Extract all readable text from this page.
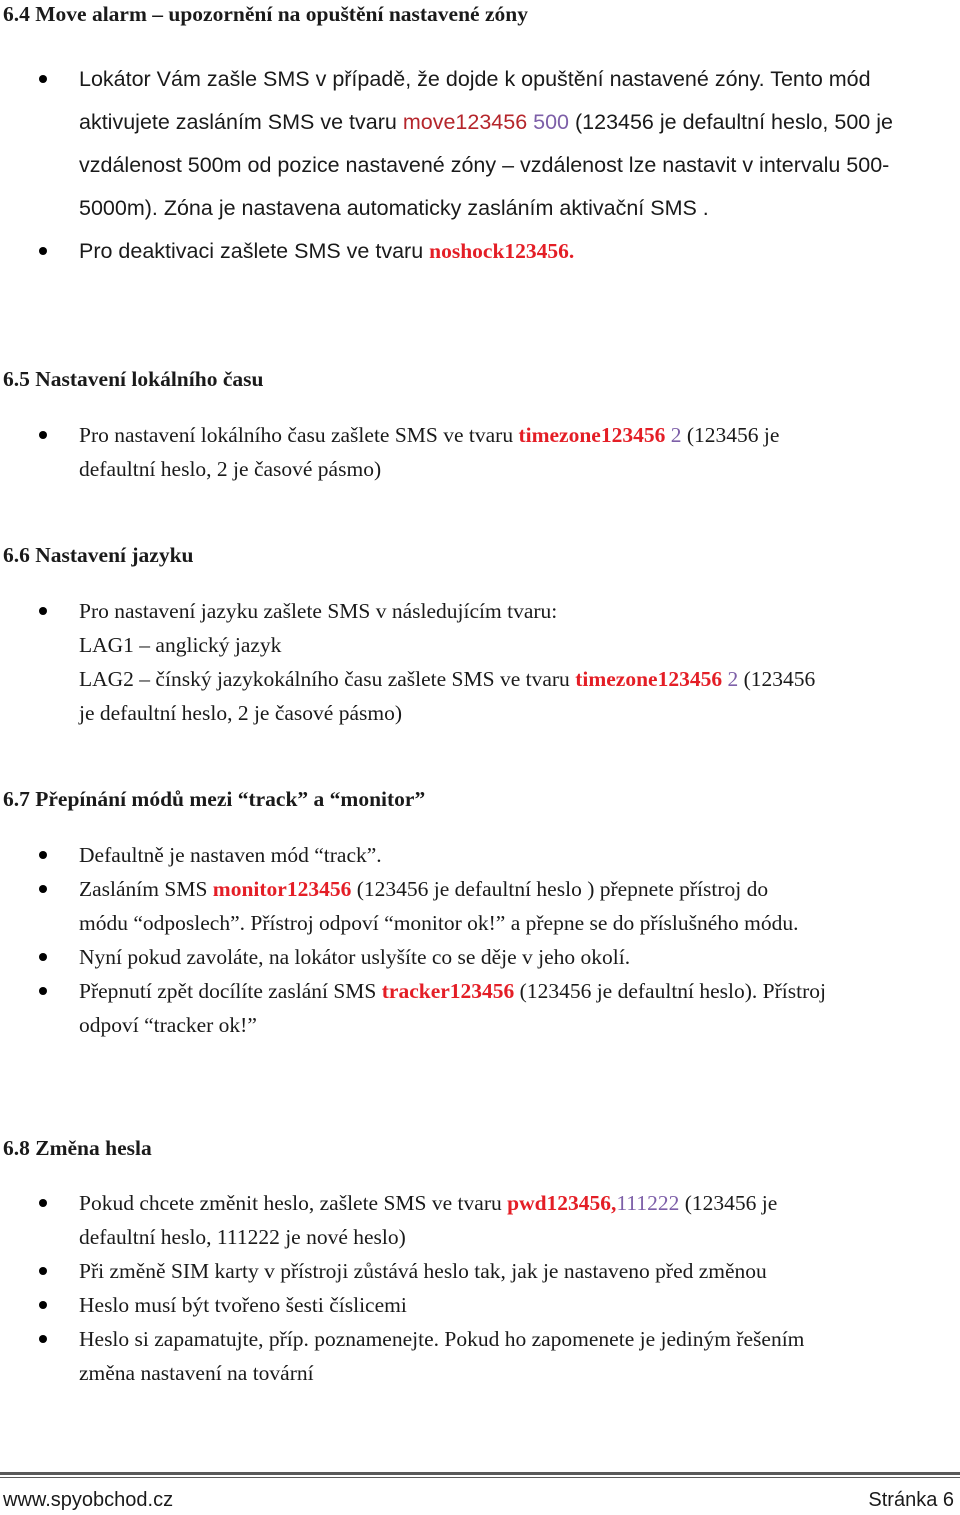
6.4 Move alarm – upozornění na opuštění nastavené zóny
Lokátor Vám zašle SMS v případě, že dojde k opuštění nastavené zóny. Tento mód
aktivujete zasláním SMS ve tvaru move123456 500 (123456 je defaultní heslo, 500 je
vzdálenost 500m od pozice nastavené zóny – vzdálenost lze nastavit v intervalu 500-
5000m). Zóna je nastavena automaticky zasláním aktivační SMS .
Pro deaktivaci zašlete SMS ve tvaru noshock123456.
6.5 Nastavení lokálního času
Pro nastavení lokálního času zašlete SMS ve tvaru timezone123456 2 (123456 je
defaultní heslo, 2 je časové pásmo)
6.6 Nastavení jazyku
Pro nastavení jazyku zašlete SMS v následujícím tvaru:
LAG1 – anglický jazyk
LAG2 – čínský jazykokálního času zašlete SMS ve tvaru timezone123456 2 (123456
je defaultní heslo, 2 je časové pásmo)
6.7 Přepínání módů mezi “track” a “monitor”
Defaultně je nastaven mód “track”.
Zasláním SMS monitor123456 (123456 je defaultní heslo ) přepnete přístroj do
módu “odposlech”. Přístroj odpoví “monitor ok!” a přepne se do příslušného módu.
Nyní pokud zavoláte, na lokátor uslyšíte co se děje v jeho okolí.
Přepnutí zpět docílíte zaslání SMS tracker123456 (123456 je defaultní heslo). Přístroj
odpoví “tracker ok!”
6.8 Změna hesla
Pokud chcete změnit heslo, zašlete SMS ve tvaru pwd123456,111222 (123456 je
defaultní heslo, 111222 je nové heslo)
Při změně SIM karty v přístroji zůstává heslo tak, jak je nastaveno před změnou
Heslo musí být tvořeno šesti číslicemi
Heslo si zapamatujte, příp. poznamenejte. Pokud ho zapomenete je jediným řešením
změna nastavení na tovární
www.spyobchod.cz	Stránka 6
